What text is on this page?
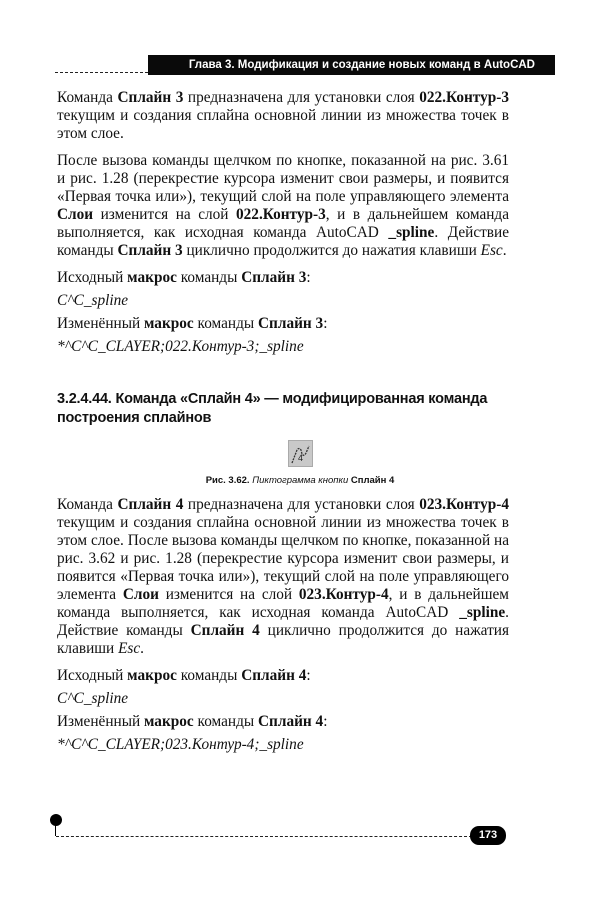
Глава 3. Модификация и создание новых команд в AutoCAD

Команда Сплайн 3 предназначена для установки слоя 022.Контур-3 текущим и создания сплайна основной линии из множества точек в этом слое.

После вызова команды щелчком по кнопке, показанной на рис. 3.61 и рис. 1.28 (перекрестие курсора изменит свои размеры, и появится «Первая точка или»), текущий слой на поле управляющего элемента Слои изменится на слой 022.Контур-3, и в дальнейшем команда выполняется, как исходная команда AutoCAD _spline. Действие команды Сплайн 3 циклично продолжится до нажатия клавиши Esc.

Исходный макрос команды Сплайн 3:

C^C_spline

Изменённый макрос команды Сплайн 3:

*^C^C_CLAYER;022.Контур-3;_spline

3.2.4.44. Команда «Сплайн 4» — модифицированная команда построения сплайнов
4
Рис. 3.62. Пиктограмма кнопки Сплайн 4

Команда Сплайн 4 предназначена для установки слоя 023.Контур-4 текущим и создания сплайна основной линии из множества точек в этом слое. После вызова команды щелчком по кнопке, показанной на рис. 3.62 и рис. 1.28 (перекрестие курсора изменит свои размеры, и появится «Первая точка или»), текущий слой на поле управляющего элемента Слои изменится на слой 023.Контур-4, и в дальнейшем команда выполняется, как исходная команда AutoCAD _spline. Действие команды Сплайн 4 циклично продолжится до нажатия клавиши Esc.

Исходный макрос команды Сплайн 4:

C^C_spline

Изменённый макрос команды Сплайн 4:

*^C^C_CLAYER;023.Контур-4;_spline

173
